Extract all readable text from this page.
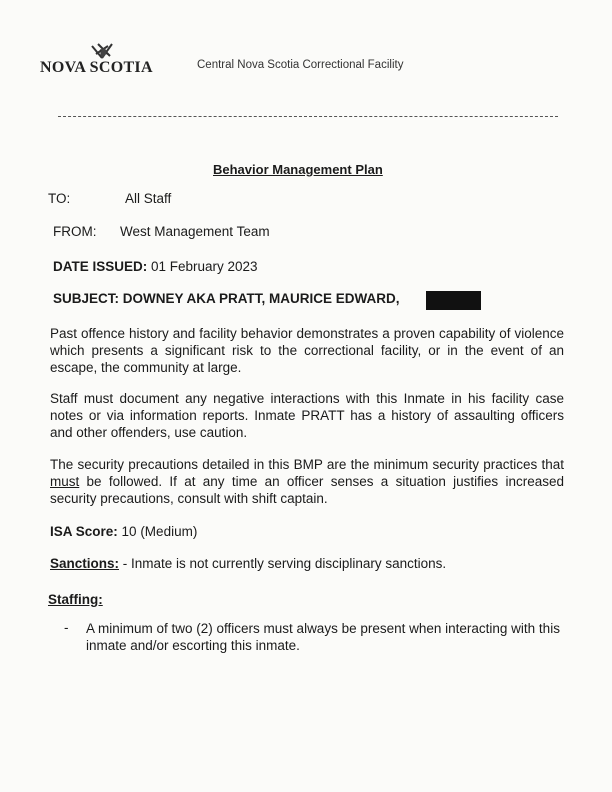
NOVA SCOTIA	Central Nova Scotia Correctional Facility
Behavior Management Plan
TO:	All Staff
FROM: West Management Team
DATE ISSUED: 01 February 2023
SUBJECT: DOWNEY AKA PRATT, MAURICE EDWARD,
Past offence history and facility behavior demonstrates a proven capability of violence which presents a significant risk to the correctional facility, or in the event of an escape, the community at large.
Staff must document any negative interactions with this Inmate in his facility case notes or via information reports. Inmate PRATT has a history of assaulting officers and other offenders, use caution.
The security precautions detailed in this BMP are the minimum security practices that must be followed. If at any time an officer senses a situation justifies increased security precautions, consult with shift captain.
ISA Score: 10 (Medium)
Sanctions: - Inmate is not currently serving disciplinary sanctions.
Staffing:
- A minimum of two (2) officers must always be present when interacting with this inmate and/or escorting this inmate.
